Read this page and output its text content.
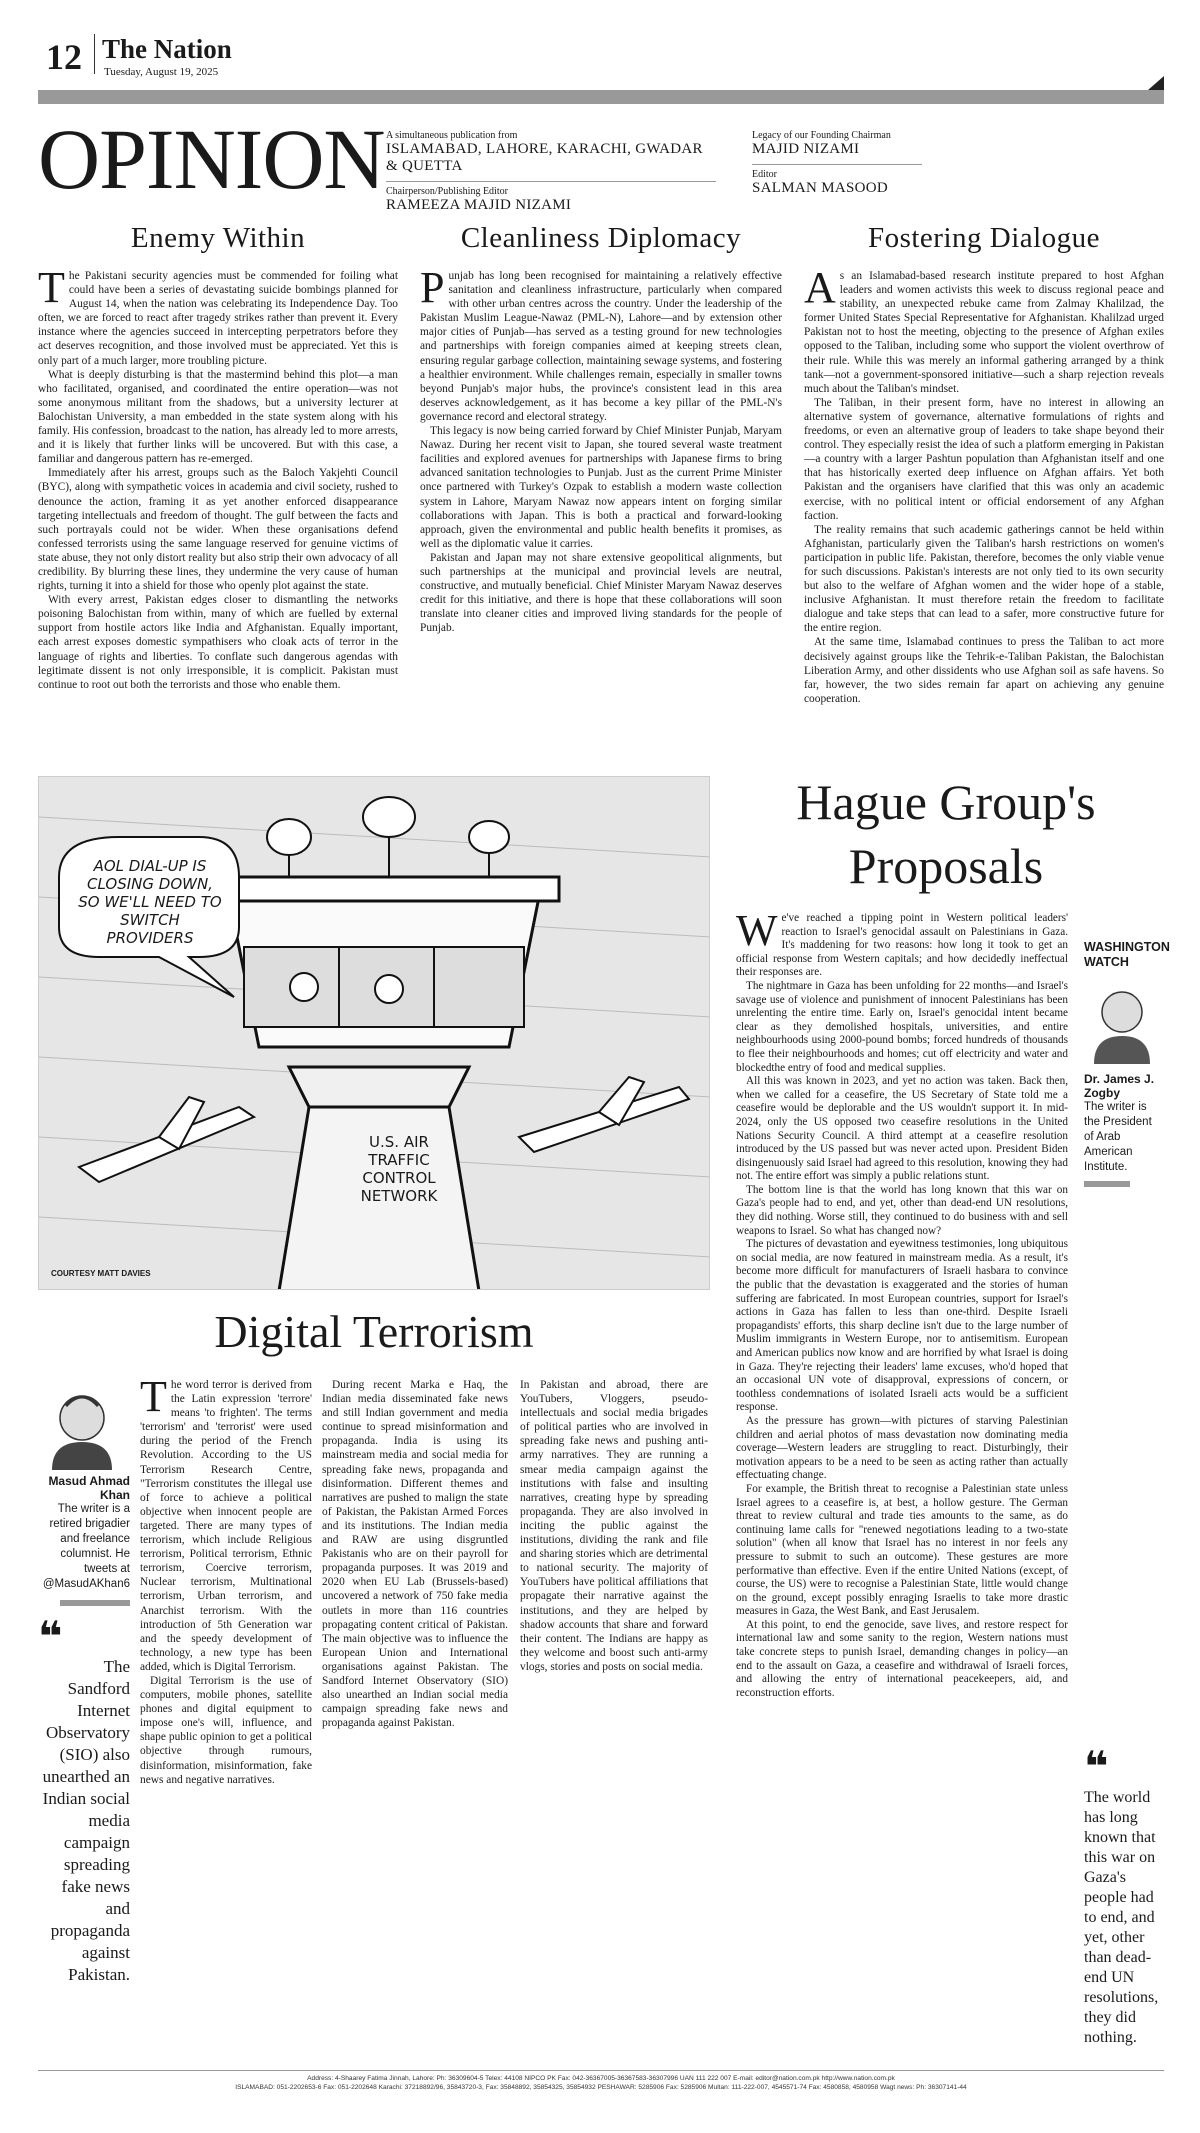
12 The Nation
Tuesday, August 19, 2025
OPINION A simultaneous publication from
ISLAMABAD, LAHORE, KARACHI, GWADAR & QUETTA
Chairperson/Publishing Editor
RAMEEZA MAJID NIZAMI
Legacy of our Founding Chairman
MAJID NIZAMI
Editor
SALMAN MASOOD
Enemy Within

The Pakistani security agencies must be commended for foiling what could have been a series of devastating suicide bombings planned for August 14, when the nation was celebrating its Independence Day. Too often, we are forced to react after tragedy strikes rather than prevent it. Every instance where the agencies succeed in intercepting perpetrators before they act deserves recognition, and those involved must be appreciated. Yet this is only part of a much larger, more troubling picture.

What is deeply disturbing is that the mastermind behind this plot—a man who facilitated, organised, and coordinated the entire operation—was not some anonymous militant from the shadows, but a university lecturer at Balochistan University, a man embedded in the state system along with his family. His confession, broadcast to the nation, has already led to more arrests, and it is likely that further links will be uncovered. But with this case, a familiar and dangerous pattern has re-emerged.

Immediately after his arrest, groups such as the Baloch Yakjehti Council (BYC), along with sympathetic voices in academia and civil society, rushed to denounce the action, framing it as yet another enforced disappearance targeting intellectuals and freedom of thought. The gulf between the facts and such portrayals could not be wider. When these organisations defend confessed terrorists using the same language reserved for genuine victims of state abuse, they not only distort reality but also strip their own advocacy of all credibility. By blurring these lines, they undermine the very cause of human rights, turning it into a shield for those who openly plot against the state.

With every arrest, Pakistan edges closer to dismantling the networks poisoning Balochistan from within, many of which are fuelled by external support from hostile actors like India and Afghanistan. Equally important, each arrest exposes domestic sympathisers who cloak acts of terror in the language of rights and liberties. To conflate such dangerous agendas with legitimate dissent is not only irresponsible, it is complicit. Pakistan must continue to root out both the terrorists and those who enable them.

Cleanliness Diplomacy

Punjab has long been recognised for maintaining a relatively effective sanitation and cleanliness infrastructure, particularly when compared with other urban centres across the country. Under the leadership of the Pakistan Muslim League-Nawaz (PML-N), Lahore—and by extension other major cities of Punjab—has served as a testing ground for new technologies and partnerships with foreign companies aimed at keeping streets clean, ensuring regular garbage collection, maintaining sewage systems, and fostering a healthier environment. While challenges remain, especially in smaller towns beyond Punjab's major hubs, the province's consistent lead in this area deserves acknowledgement, as it has become a key pillar of the PML-N's governance record and electoral strategy.

This legacy is now being carried forward by Chief Minister Punjab, Maryam Nawaz. During her recent visit to Japan, she toured several waste treatment facilities and explored avenues for partnerships with Japanese firms to bring advanced sanitation technologies to Punjab. Just as the current Prime Minister once partnered with Turkey's Ozpak to establish a modern waste collection system in Lahore, Maryam Nawaz now appears intent on forging similar collaborations with Japan. This is both a practical and forward-looking approach, given the environmental and public health benefits it promises, as well as the diplomatic value it carries.

Pakistan and Japan may not share extensive geopolitical alignments, but such partnerships at the municipal and provincial levels are neutral, constructive, and mutually beneficial. Chief Minister Maryam Nawaz deserves credit for this initiative, and there is hope that these collaborations will soon translate into cleaner cities and improved living standards for the people of Punjab.

Fostering Dialogue

As an Islamabad-based research institute prepared to host Afghan leaders and women activists this week to discuss regional peace and stability, an unexpected rebuke came from Zalmay Khalilzad, the former United States Special Representative for Afghanistan. Khalilzad urged Pakistan not to host the meeting, objecting to the presence of Afghan exiles opposed to the Taliban, including some who support the violent overthrow of their rule. While this was merely an informal gathering arranged by a think tank—not a government-sponsored initiative—such a sharp rejection reveals much about the Taliban's mindset.

The Taliban, in their present form, have no interest in allowing an alternative system of governance, alternative formulations of rights and freedoms, or even an alternative group of leaders to take shape beyond their control. They especially resist the idea of such a platform emerging in Pakistan—a country with a larger Pashtun population than Afghanistan itself and one that has historically exerted deep influence on Afghan affairs. Yet both Pakistan and the organisers have clarified that this was only an academic exercise, with no political intent or official endorsement of any Afghan faction.

The reality remains that such academic gatherings cannot be held within Afghanistan, particularly given the Taliban's harsh restrictions on women's participation in public life. Pakistan, therefore, becomes the only viable venue for such discussions. Pakistan's interests are not only tied to its own security but also to the welfare of Afghan women and the wider hope of a stable, inclusive Afghanistan. It must therefore retain the freedom to facilitate dialogue and take steps that can lead to a safer, more constructive future for the entire region.

At the same time, Islamabad continues to press the Taliban to act more decisively against groups like the Tehrik-e-Taliban Pakistan, the Balochistan Liberation Army, and other dissidents who use Afghan soil as safe havens. So far, however, the two sides remain far apart on achieving any genuine cooperation.

AOL DIAL-UP IS CLOSING DOWN, SO WE'LL NEED TO SWITCH PROVIDERS
U.S. AIR TRAFFIC CONTROL NETWORK
COURTESY MATT DAVIES
Digital Terrorism
Masud Ahmad Khan
The writer is a retired brigadier and freelance columnist. He tweets at @MasudAKhan6
❝
The Sandford Internet Observatory (SIO) also unearthed an Indian social media campaign spreading fake news and propaganda against Pakistan.

The word terror is derived from the Latin expression 'terrore' means 'to frighten'. The terms 'terrorism' and 'terrorist' were used during the period of the French Revolution. According to the US Terrorism Research Centre, "Terrorism constitutes the illegal use of force to achieve a political objective when innocent people are targeted. There are many types of terrorism, which include Religious terrorism, Political terrorism, Ethnic terrorism, Coercive terrorism, Nuclear terrorism, Multinational terrorism, Urban terrorism, and Anarchist terrorism. With the introduction of 5th Generation war and the speedy development of technology, a new type has been added, which is Digital Terrorism.

Digital Terrorism is the use of computers, mobile phones, satellite phones and digital equipment to impose one's will, influence, and shape public opinion to get a political objective through rumours, disinformation, misinformation, fake news and negative narratives.

During recent Marka e Haq, the Indian media disseminated fake news and still Indian government and media continue to spread misinformation and propaganda. India is using its mainstream media and social media for spreading fake news, propaganda and disinformation. Different themes and narratives are pushed to malign the state of Pakistan, the Pakistan Armed Forces and its institutions. The Indian media and RAW are using disgruntled Pakistanis who are on their payroll for propaganda purposes. It was 2019 and 2020 when EU Lab (Brussels-based) uncovered a network of 750 fake media outlets in more than 116 countries propagating content critical of Pakistan. The main objective was to influence the European Union and International organisations against Pakistan. The Sandford Internet Observatory (SIO) also unearthed an Indian social media campaign spreading fake news and propaganda against Pakistan.

In Pakistan and abroad, there are YouTubers, Vloggers, pseudo-intellectuals and social media brigades of political parties who are involved in spreading fake news and pushing anti-army narratives. They are running a smear media campaign against the institutions with false and insulting narratives, creating hype by spreading propaganda. They are also involved in inciting the public against the institutions, dividing the rank and file and sharing stories which are detrimental to national security. The majority of YouTubers have political affiliations that propagate their narrative against the institutions, and they are helped by shadow accounts that share and forward their content. The Indians are happy as they welcome and boost such anti-army vlogs, stories and posts on social media.

Hague Group's Proposals

We've reached a tipping point in Western political leaders' reaction to Israel's genocidal assault on Palestinians in Gaza. It's maddening for two reasons: how long it took to get an official response from Western capitals; and how decidedly ineffectual their responses are.

The nightmare in Gaza has been unfolding for 22 months—and Israel's savage use of violence and punishment of innocent Palestinians has been unrelenting the entire time. Early on, Israel's genocidal intent became clear as they demolished hospitals, universities, and entire neighbourhoods using 2000-pound bombs; forced hundreds of thousands to flee their neighbourhoods and homes; cut off electricity and water and blockedthe entry of food and medical supplies.

All this was known in 2023, and yet no action was taken. Back then, when we called for a ceasefire, the US Secretary of State told me a ceasefire would be deplorable and the US wouldn't support it. In mid-2024, only the US opposed two ceasefire resolutions in the United Nations Security Council. A third attempt at a ceasefire resolution introduced by the US passed but was never acted upon. President Biden disingenuously said Israel had agreed to this resolution, knowing they had not. The entire effort was simply a public relations stunt.

The bottom line is that the world has long known that this war on Gaza's people had to end, and yet, other than dead-end UN resolutions, they did nothing. Worse still, they continued to do business with and sell weapons to Israel. So what has changed now?

The pictures of devastation and eyewitness testimonies, long ubiquitous on social media, are now featured in mainstream media. As a result, it's become more difficult for manufacturers of Israeli hasbara to convince the public that the devastation is exaggerated and the stories of human suffering are fabricated. In most European countries, support for Israel's actions in Gaza has fallen to less than one-third. Despite Israeli propagandists' efforts, this sharp decline isn't due to the large number of Muslim immigrants in Western Europe, nor to antisemitism. European and American publics now know and are horrified by what Israel is doing in Gaza. They're rejecting their leaders' lame excuses, who'd hoped that an occasional UN vote of disapproval, expressions of concern, or toothless condemnations of isolated Israeli acts would be a sufficient response.

As the pressure has grown—with pictures of starving Palestinian children and aerial photos of mass devastation now dominating media coverage—Western leaders are struggling to react. Disturbingly, their motivation appears to be a need to be seen as acting rather than actually effectuating change.

For example, the British threat to recognise a Palestinian state unless Israel agrees to a ceasefire is, at best, a hollow gesture. The German threat to review cultural and trade ties amounts to the same, as do continuing lame calls for "renewed negotiations leading to a two-state solution" (when all know that Israel has no interest in nor feels any pressure to submit to such an outcome). These gestures are more performative than effective. Even if the entire United Nations (except, of course, the US) were to recognise a Palestinian State, little would change on the ground, except possibly enraging Israelis to take more drastic measures in Gaza, the West Bank, and East Jerusalem.

At this point, to end the genocide, save lives, and restore respect for international law and some sanity to the region, Western nations must take concrete steps to punish Israel, demanding changes in policy—an end to the assault on Gaza, a ceasefire and withdrawal of Israeli forces, and allowing the entry of international peacekeepers, aid, and reconstruction efforts.

WASHINGTON WATCH
Dr. James J. Zogby
The writer is the President of Arab American Institute.
❝
The world has long known that this war on Gaza's people had to end, and yet, other than dead-end UN resolutions, they did nothing.
Address: 4-Shaarey Fatima Jinnah, Lahore: Ph: 36309604-5 Telex: 44108 NIPCO PK Fax: 042-36367005-36367583-36307996 UAN 111 222 007 E-mail: editor@nation.com.pk http://www.nation.com.pk
ISLAMABAD: 051-2202653-6 Fax: 051-2202648 Karachi: 37218892/96, 35843720-3, Fax: 35848892, 35854325, 35854932 PESHAWAR: 5285906 Fax: 5285906 Multan: 111-222-007, 4545571-74 Fax: 4580858, 4580958 Wagt news: Ph: 36307141-44
